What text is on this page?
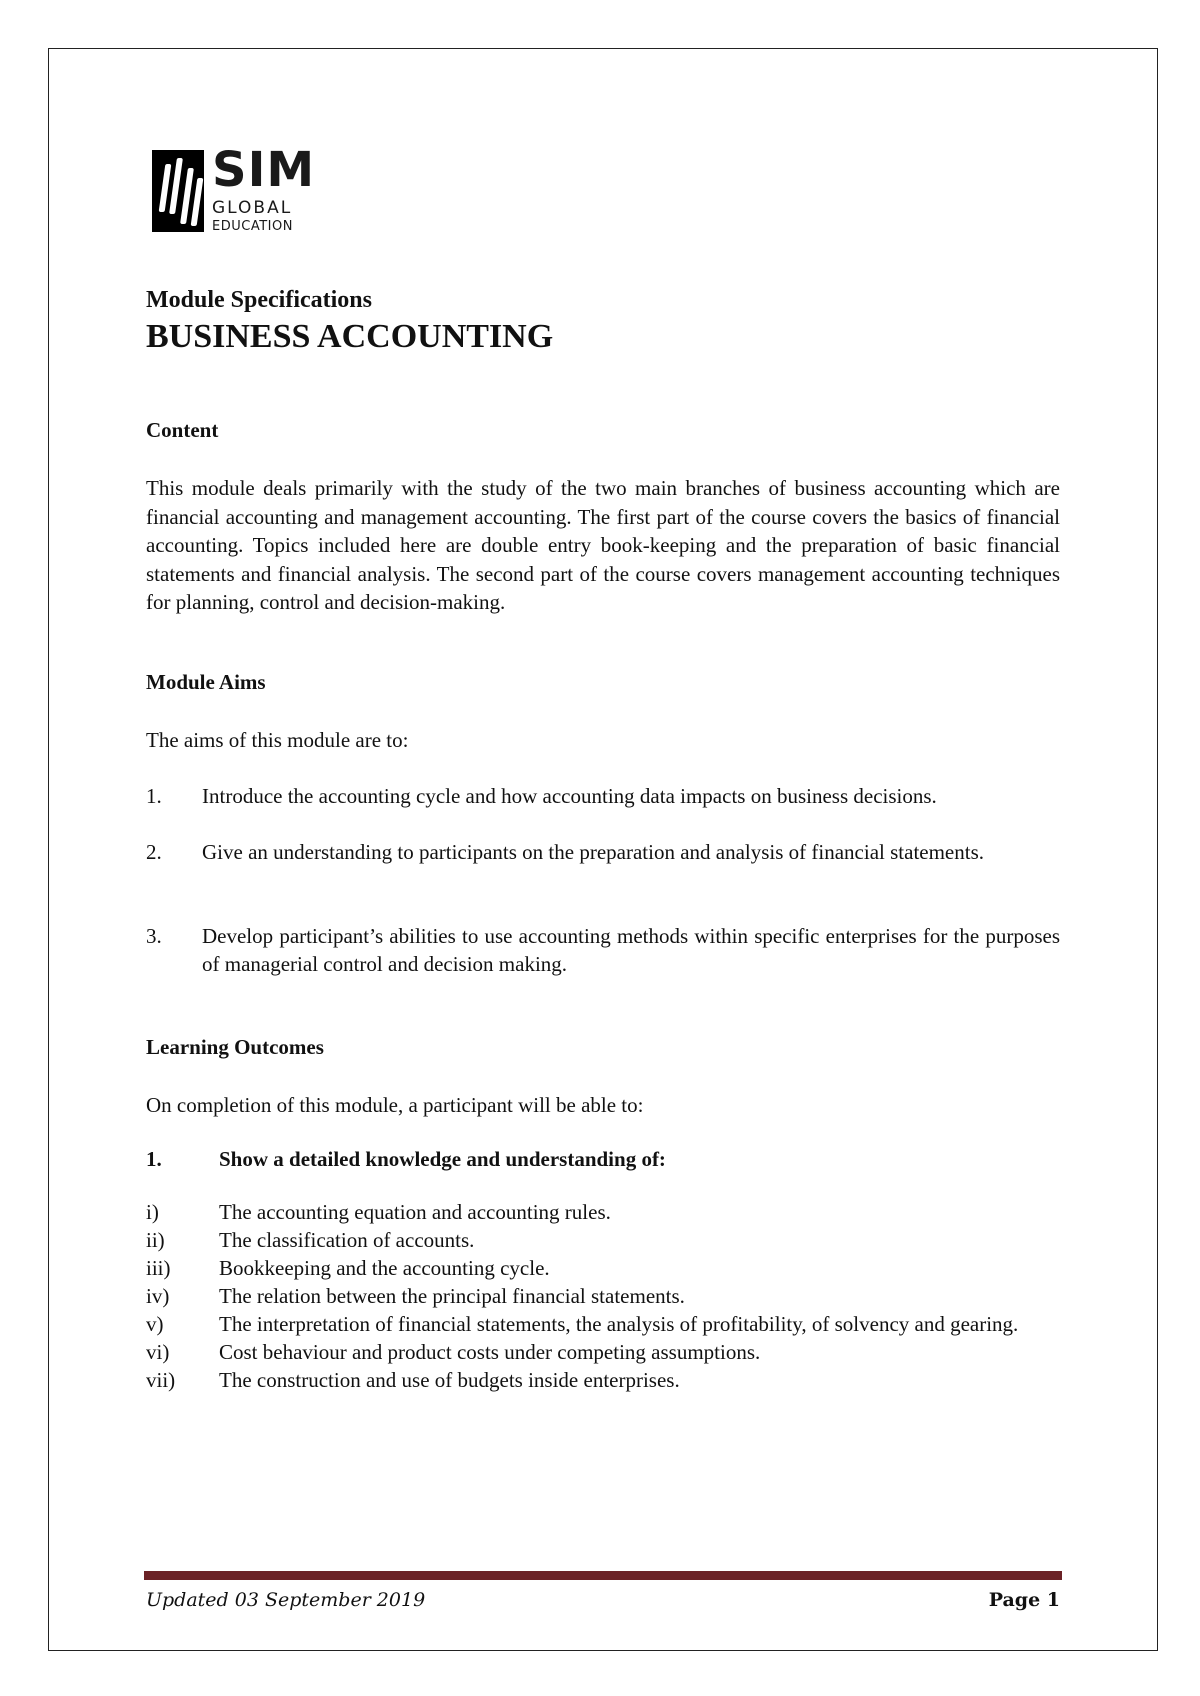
SIM
GLOBAL
EDUCATION
Module Specifications
BUSINESS ACCOUNTING
Content
This module deals primarily with the study of the two main branches of business accounting which are financial accounting and management accounting. The first part of the course covers the basics of financial accounting. Topics included here are double entry book-keeping and the preparation of basic financial statements and financial analysis. The second part of the course covers management accounting techniques for planning, control and decision-making.
Module Aims
The aims of this module are to:
1. Introduce the accounting cycle and how accounting data impacts on business decisions.
2. Give an understanding to participants on the preparation and analysis of financial statements.
3. Develop participant’s abilities to use accounting methods within specific enterprises for the purposes of managerial control and decision making.
Learning Outcomes
On completion of this module, a participant will be able to:
1.	Show a detailed knowledge and understanding of:
i)	The accounting equation and accounting rules.
ii)	The classification of accounts.
iii)	Bookkeeping and the accounting cycle.
iv)	The relation between the principal financial statements.
v)	The interpretation of financial statements, the analysis of profitability, of solvency and gearing.
vi)	Cost behaviour and product costs under competing assumptions.
vii)	The construction and use of budgets inside enterprises.
Updated 03 September 2019	Page 1
